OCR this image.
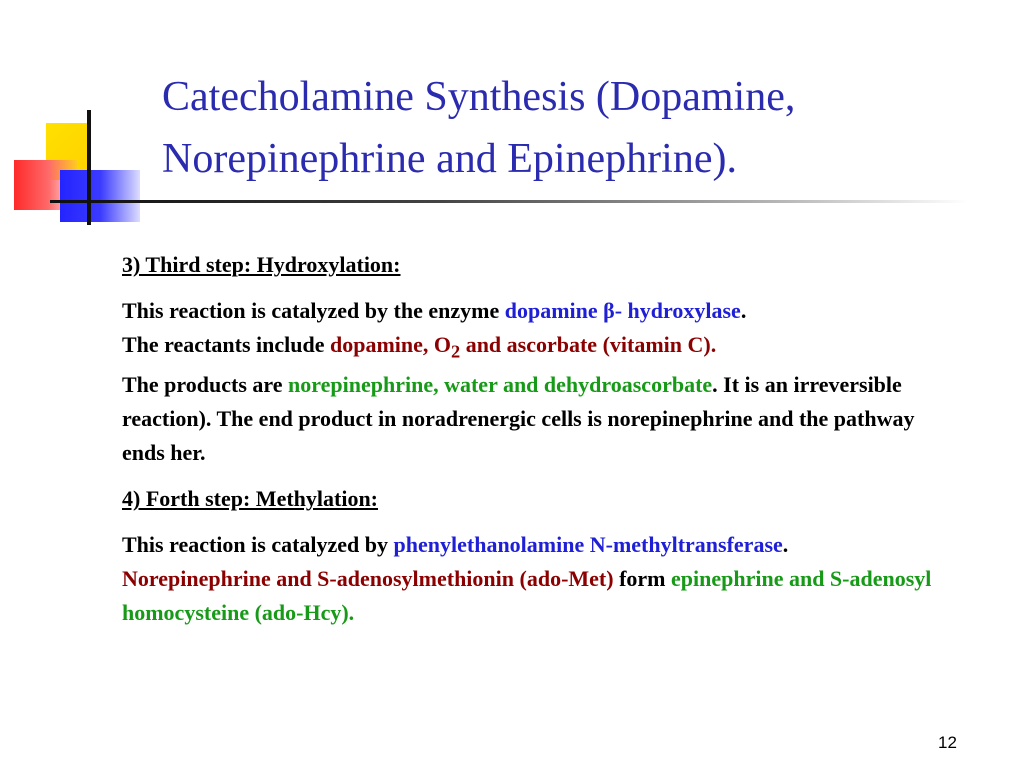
Catecholamine Synthesis (Dopamine,
Norepinephrine and Epinephrine).

3) Third step: Hydroxylation:

This reaction is catalyzed by the enzyme dopamine β- hydroxylase.
The reactants include dopamine, $O_2$ and ascorbate (vitamin C).
The products are norepinephrine, water and dehydroascorbate. It is an irreversible reaction). The end product in noradrenergic cells is norepinephrine and the pathway ends her.

4) Forth step: Methylation:

This reaction is catalyzed by phenylethanolamine N-methyltransferase. Norepinephrine and S-adenosylmethionin (ado-Met) form epinephrine and S-adenosyl homocysteine (ado-Hcy).

12
